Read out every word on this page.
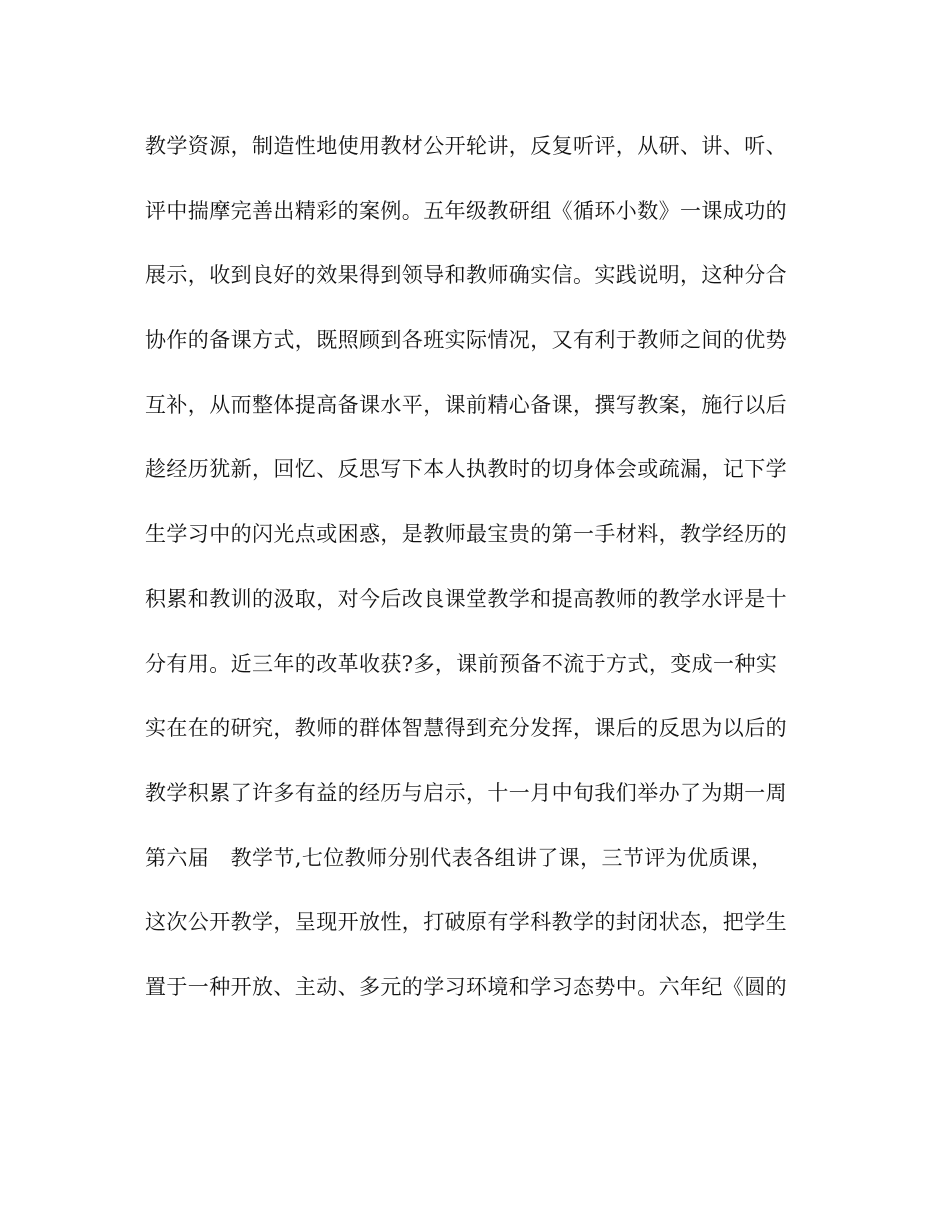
教学资源，制造性地使用教材公开轮讲，反复听评，从研、讲、听、
评中揣摩完善出精彩的案例。五年级教研组《循环小数》一课成功的
展示，收到良好的效果得到领导和教师确实信。实践说明，这种分合
协作的备课方式，既照顾到各班实际情况，又有利于教师之间的优势
互补，从而整体提高备课水平，课前精心备课，撰写教案，施行以后
趁经历犹新，回忆、反思写下本人执教时的切身体会或疏漏，记下学
生学习中的闪光点或困惑，是教师最宝贵的第一手材料，教学经历的
积累和教训的汲取，对今后改良课堂教学和提高教师的教学水评是十
分有用。近三年的改革收获?多，课前预备不流于方式，变成一种实
实在在的研究，教师的群体智慧得到充分发挥，课后的反思为以后的
教学积累了许多有益的经历与启示，十一月中旬我们举办了为期一周
第六届　教学节,七位教师分别代表各组讲了课，三节评为优质课，
这次公开教学，呈现开放性，打破原有学科教学的封闭状态，把学生
置于一种开放、主动、多元的学习环境和学习态势中。六年纪《圆的
